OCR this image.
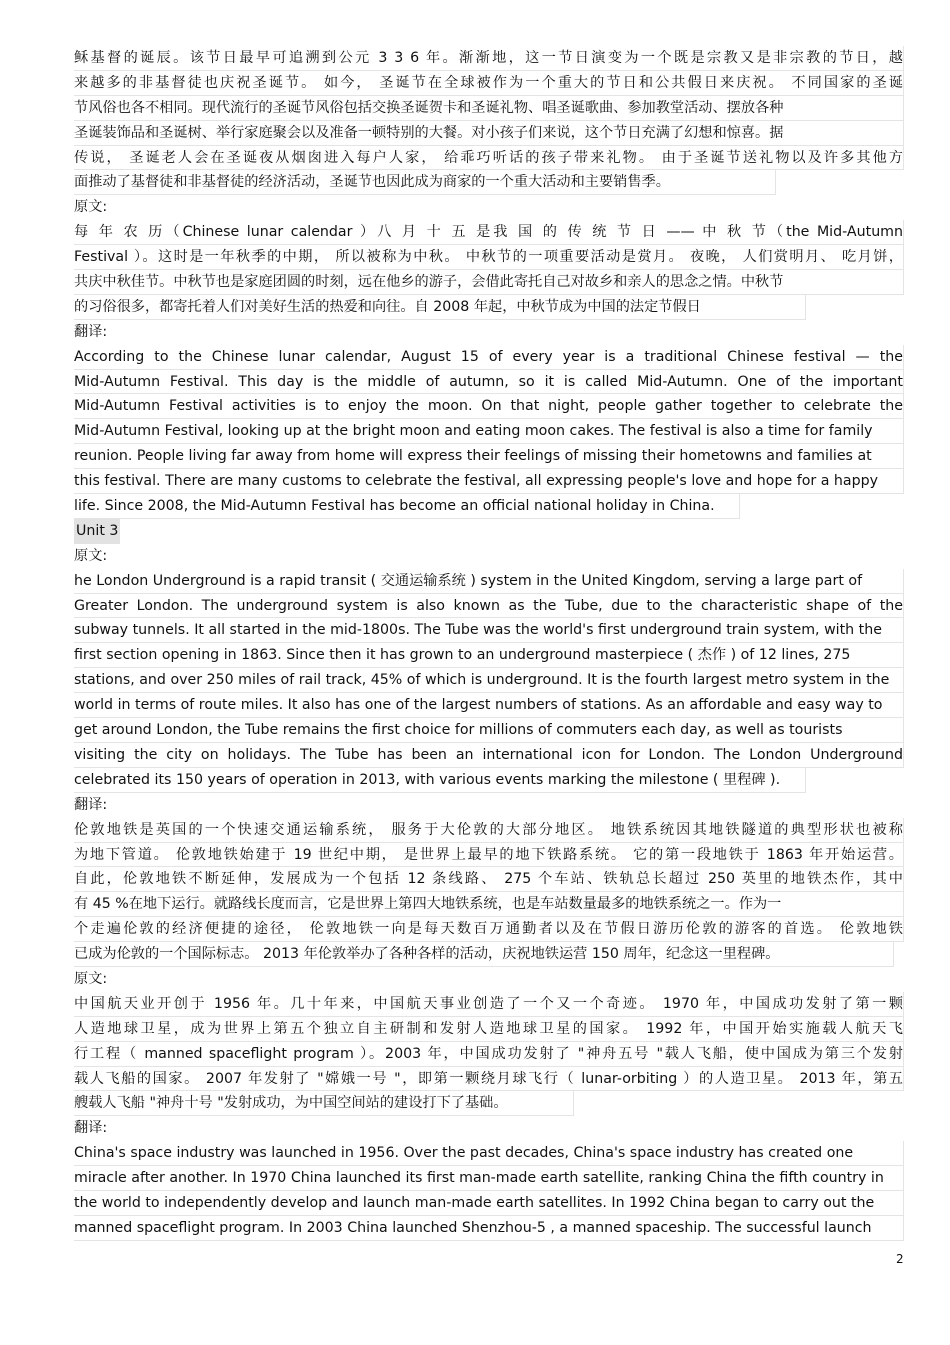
稣基督的诞辰。该节日最早可追溯到公元 3 3 6 年。渐渐地，这一节日演变为一个既是宗教又是非宗教的节日，越
来越多的非基督徒也庆祝圣诞节。 如今， 圣诞节在全球被作为一个重大的节日和公共假日来庆祝。 不同国家的圣诞
节风俗也各不相同。现代流行的圣诞节风俗包括交换圣诞贺卡和圣诞礼物、唱圣诞歌曲、参加教堂活动、摆放各种
圣诞装饰品和圣诞树、举行家庭聚会以及准备一顿特别的大餐。对小孩子们来说，这个节日充满了幻想和惊喜。据
传说， 圣诞老人会在圣诞夜从烟囱进入每户人家， 给乖巧听话的孩子带来礼物。 由于圣诞节送礼物以及许多其他方
面推动了基督徒和非基督徒的经济活动，圣诞节也因此成为商家的一个重大活动和主要销售季。
原文:
每 年 农 历（Chinese lunar calendar ）八 月 十 五 是我 国 的 传 统 节 日 —— 中 秋 节（the Mid-Autumn
Festival ）。这时是一年秋季的中期， 所以被称为中秋。 中秋节的一项重要活动是赏月。 夜晚， 人们赏明月、 吃月饼，
共庆中秋佳节。中秋节也是家庭团圆的时刻，远在他乡的游子，会借此寄托自己对故乡和亲人的思念之情。中秋节
的习俗很多，都寄托着人们对美好生活的热爱和向往。自 2008 年起，中秋节成为中国的法定节假日
翻译:
According to the Chinese lunar calendar, August 15 of every year is a traditional Chinese festival — the
Mid-Autumn Festival. This day is the middle of autumn, so it is called Mid-Autumn. One of the important
Mid-Autumn Festival activities is to enjoy the moon. On that night, people gather together to celebrate the
Mid-Autumn Festival, looking up at the bright moon and eating moon cakes. The festival is also a time for family
reunion. People living far away from home will express their feelings of missing their hometowns and families at
this festival. There are many customs to celebrate the festival, all expressing people's love and hope for a happy
life. Since 2008, the Mid-Autumn Festival has become an official national holiday in China.
Unit 3
原文:
he London Underground is a rapid transit ( 交通运输系统 ) system in the United Kingdom, serving a large part of
Greater London. The underground system is also known as the Tube, due to the characteristic shape of the
subway tunnels. It all started in the mid-1800s. The Tube was the world's first underground train system, with the
first section opening in 1863. Since then it has grown to an underground masterpiece ( 杰作 ) of 12 lines, 275
stations, and over 250 miles of rail track, 45% of which is underground. It is the fourth largest metro system in the
world in terms of route miles. It also has one of the largest numbers of stations. As an affordable and easy way to
get around London, the Tube remains the first choice for millions of commuters each day, as well as tourists
visiting the city on holidays. The Tube has been an international icon for London. The London Underground
celebrated its 150 years of operation in 2013, with various events marking the milestone ( 里程碑 ).
翻译:
伦敦地铁是英国的一个快速交通运输系统， 服务于大伦敦的大部分地区。 地铁系统因其地铁隧道的典型形状也被称
为地下管道。 伦敦地铁始建于 19 世纪中期， 是世界上最早的地下铁路系统。 它的第一段地铁于 1863 年开始运营。
自此，伦敦地铁不断延伸，发展成为一个包括 12 条线路、 275 个车站、铁轨总长超过 250 英里的地铁杰作，其中
有 45 %在地下运行。就路线长度而言，它是世界上第四大地铁系统，也是车站数量最多的地铁系统之一。作为一
个走遍伦敦的经济便捷的途径， 伦敦地铁一向是每天数百万通勤者以及在节假日游历伦敦的游客的首选。 伦敦地铁
已成为伦敦的一个国际标志。 2013 年伦敦举办了各种各样的活动，庆祝地铁运营 150 周年，纪念这一里程碑。
原文:
中国航天业开创于 1956 年。几十年来，中国航天事业创造了一个又一个奇迹。 1970 年，中国成功发射了第一颗
人造地球卫星，成为世界上第五个独立自主研制和发射人造地球卫星的国家。 1992 年，中国开始实施载人航天飞
行工程（ manned spaceflight program ）。2003 年，中国成功发射了 "神舟五号 "载人飞船，使中国成为第三个发射
载人飞船的国家。 2007 年发射了 "嫦娥一号 "，即第一颗绕月球飞行（ lunar-orbiting ）的人造卫星。 2013 年，第五
艘载人飞船 "神舟十号 "发射成功，为中国空间站的建设打下了基础。
翻译:
China's space industry was launched in 1956. Over the past decades, China's space industry has created one
miracle after another. In 1970 China launched its first man-made earth satellite, ranking China the fifth country in
the world to independently develop and launch man-made earth satellites. In 1992 China began to carry out the
manned spaceflight program. In 2003 China launched Shenzhou-5 , a manned spaceship. The successful launch
2
